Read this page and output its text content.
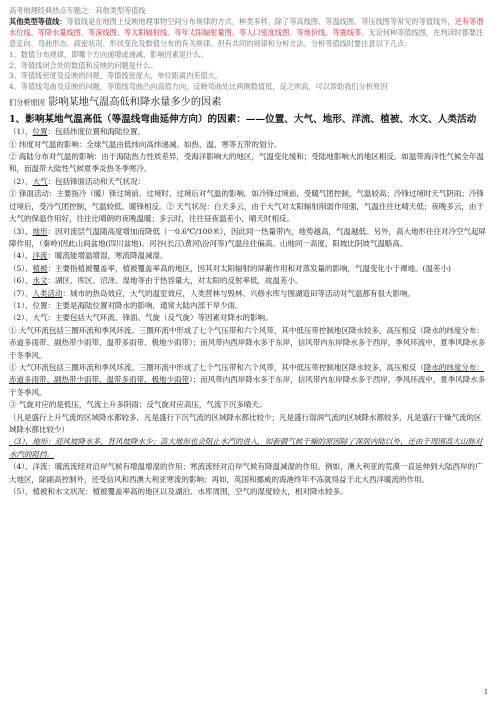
高考地理经典热点专题之：其他类型等值线

其他类型等值线：等值线是在地图上反映地理事物空间分布规律的方式，种类多样，除了等高线图、等温线图、等压线图等常见的等值线外，还有等潜水位线、等降水量线图、等深线图、等太阳辐射线、等年太阳辐射量图、等人口密度线图、等地价线、等震线等。无论何种等值线图，在判读时都要注意走向、弯曲形态、疏密状况、形状变化及数值分布的有关规律。但有共同的规律和分析方法，分析等值线时要注意以下几点：

1、数值分布规律，即哪个方向递增或递减，影响因素是什么。

2、等值线闭合处的数值和反映的问题是什么。

3、等值线密度及反映的问题，等值线密度大，单位距离内差值大。

4、等值线弯曲及反映的问题，等值线弯曲凸向高值方向，反映弯曲处比两侧数值低，反之则高，可以帮助我们分析原因

们分析原因 影响某地气温高低和降水量多少的因素

1、影响某地气温高低（等温线弯曲延伸方向）的因素：——位置、大气、地形、洋流、植被、水文、人类活动

（1）、位置：包括纬度位置和海陆位置。

① 纬度对气温的影响：全球气温由低纬向高纬递减。如热、温、寒等五带的划分。

② 海陆分布对气温的影响：由于海陆热力性质差异，受海洋影响大的地区，气温变化缓和；受陆地影响大的地区相反。如温带海洋性气候全年温和，而温带大陆性气候夏季炎热冬季寒冷。

（2）、大气：包括锋面活动和天气状况：

① 锋面活动：主要指冷（暖）锋过境前、过境时、过境后对气温的影响。如冷锋过境前，受暖气团控制，气温较高；冷锋过境时天气阴雨；冷锋过境后，受冷气团控制，气温较低。暖锋相反。② 天气状况：白天多云，由于大气对太阳辐射削弱作用强，气温往往比晴天低；夜晚多云，由于大气的保温作用好，往往比晴朗的夜晚温暖；多云时，往往昼夜温差小，晴天时相反。

（3）、地形：因对流层气温随高度增加而降低（一0.6℃/100米），因此同一热量带内，地势越高，气温越低。另外，高大地形往往对冷空气起屏障作用，（秦岭)因此山间盆地(四川盆地)、河谷(长江\黄河\汾河等)气温往往偏高。山地同一高度，阳坡比阴坡气温略高。

（4）、洋流：暖流能增温增湿，寒流降温减湿。

（5）、植被：主要指植被覆盖率，植被覆盖率高的地区，因其对太阳辐射的屏蔽作用和对蒸发量的影响，气温变化小于裸地。(温差小)

（6）、水文：湖区、库区、沼泽、湿地等由于热容量大，对太阳的反射率低，故温差小。

（7）、人类活动：城市的热岛效应，大气的温室效应，人类营林与毁林、兴修水库与围湖造田等活动对气温都有很大影响。

（1）、位置：主要是海陆位置对降水的影响，通常大陆内部干旱少雨。

（2）、大气：主要包括大气环流、锋面、气旋（反气旋）等因素对降水的影响。

① 大气环流包括三圈环流和季风环流。三圈环流中形成了七个气压带和六个风带，其中低压带控制地区降水较多，高压相反（降水的纬度分布：赤道多雨带、副热带少雨带、温带多雨带、极地少雨带）；而风带内西岸降水多于东岸，信风带内东岸降水多于西岸，季风环流中，夏季风降水多于冬季风。

① 大气环流包括三圈环流和季风环流。三圈环流中形成了七个气压带和六个风带，其中低压带控制地区降水较多，高压相反（降水的纬度分布：赤道多雨带、副热带少雨带、温带多雨带、极地少雨带）；而风带内西岸降水多于东岸，信风带内东岸降水多于西岸，季风环流中，夏季风降水多于冬季风。

③ 气旋对应的是低压，气流上升多阴雨；反气旋对应高压，气流下沉多晴天。

（凡是盛行上升气流的区域降水都较多，凡是盛行下沉气流的区域降水都比较少；凡是盛行湿润气流的区域降水都较多，凡是盛行干燥气流的区域降水都比较少）

（3）、地形：迎风坡降水多，背风坡降水少；高大地形也会阻止水汽的进入，如新疆气候干燥的原因除了深居内陆以外，还由于周围高大山脉对水汽的阻挡。

（4）、洋流：暖流流经对沿岸气候有增温增湿的作用；寒流流经对沿岸气候有降温减湿的作用。例如，澳大利亚的荒漠一直延伸到大陆西岸的广大地区，除副高控制外，还受信风和西澳大利亚寒流的影响；再如，英国和挪威的海港终年不冻就得益于北大西洋暖流的作用。

（5）、植被和水文状况：植被覆盖率高的地区以及湖泊、水库周围，空气的湿度较大，相对降水较多。

1
